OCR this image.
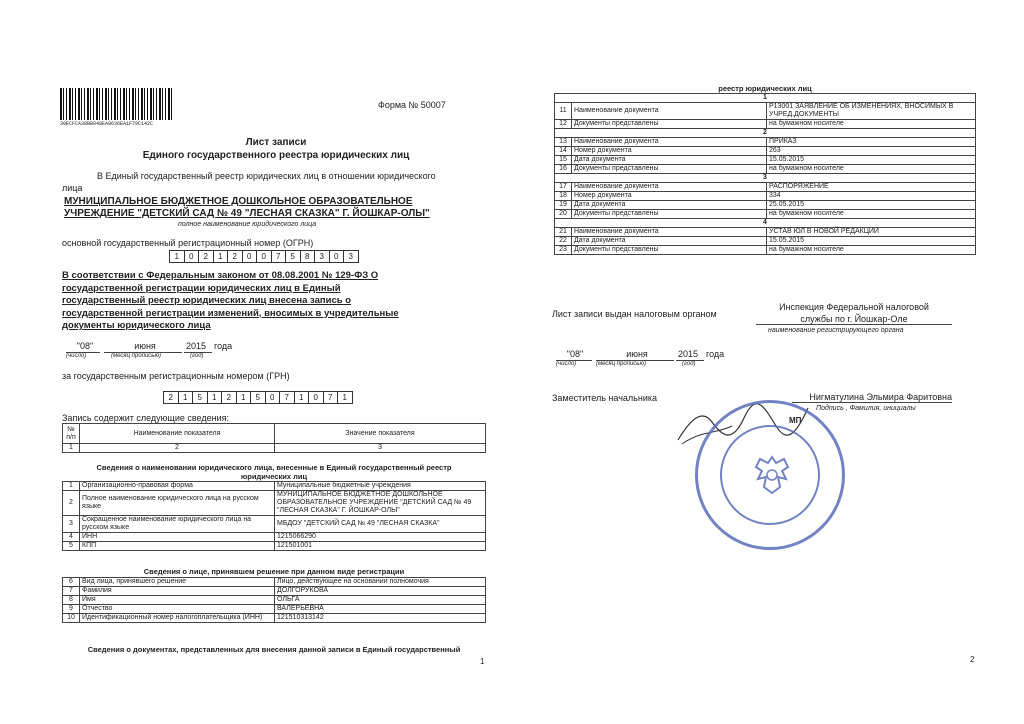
30ECFCA38BB048EA9636EA1F79C142C
Форма № 50007
Лист записи
Единого государственного реестра юридических лиц
В Единый государственный реестр юридических лиц в отношении юридического
лица
МУНИЦИПАЛЬНОЕ БЮДЖЕТНОЕ ДОШКОЛЬНОЕ ОБРАЗОВАТЕЛЬНОЕ
УЧРЕЖДЕНИЕ "ДЕТСКИЙ САД № 49 "ЛЕСНАЯ СКАЗКА" Г. ЙОШКАР-ОЛЫ"
полное наименование юридического лица
основной государственный регистрационный номер (ОГРН)
1	0	2	1	2	0	0	7	5	8	3	0	3
В соответствии с Федеральным законом от 08.08.2001 № 129-ФЗ О
государственной регистрации юридических лиц в Единый
государственный реестр юридических лиц внесена запись о
государственной регистрации изменений, вносимых в учредительные
документы юридического лица
"08"	июня	2015 года
(число)	(месяц прописью)	(год)
за государственным регистрационным номером (ГРН)
2	1	5	1	2	1	5	0	7	1	0	7	1
Запись содержит следующие сведения:
№ п/п	Наименование показателя	Значение показателя
1	2	3
Сведения о наименовании юридического лица, внесенные в Единый государственный реестр
юридических лиц
1	Организационно-правовая форма	Муниципальные бюджетные учреждения
2	Полное наименование юридического лица на русском языке	МУНИЦИПАЛЬНОЕ БЮДЖЕТНОЕ ДОШКОЛЬНОЕ ОБРАЗОВАТЕЛЬНОЕ УЧРЕЖДЕНИЕ "ДЕТСКИЙ САД № 49 "ЛЕСНАЯ СКАЗКА" Г. ЙОШКАР-ОЛЫ"
3	Сокращенное наименование юридического лица на русском языке	МБДОУ "ДЕТСКИЙ САД № 49 "ЛЕСНАЯ СКАЗКА"
4	ИНН	1215066290
5	КПП	121501001
Сведения о лице, принявшем решение при данном виде регистрации
6	Вид лица, принявшего решение	Лицо, действующее на основании полномочия
7	Фамилия	ДОЛГОРУКОВА
8	Имя	ОЛЬГА
9	Отчество	ВАЛЕРЬЕВНА
10	Идентификационный номер налогоплательщика (ИНН)	121510313142
Сведения о документах, представленных для внесения данной записи в Единый государственный
1
реестр юридических лиц
1		
11	Наименование документа	Р13001 ЗАЯВЛЕНИЕ ОБ ИЗМЕНЕНИЯХ, ВНОСИМЫХ В УЧРЕД.ДОКУМЕНТЫ
12	Документы представлены	на бумажном носителе
2		
13	Наименование документа	ПРИКАЗ
14	Номер документа	263
15	Дата документа	15.05.2015
16	Документы представлены	на бумажном носителе
3		
17	Наименование документа	РАСПОРЯЖЕНИЕ
18	Номер документа	334
19	Дата документа	25.05.2015
20	Документы представлены	на бумажном носителе
4		
21	Наименование документа	УСТАВ ЮЛ В НОВОЙ РЕДАКЦИИ
22	Дата документа	15.05.2015
23	Документы представлены	на бумажном носителе
Лист записи выдан налоговым органом
Инспекция Федеральной налоговой
службы по г. Йошкар-Оле
наименование регистрирующего органа
"08"	июня	2015 года
(число)	(месяц прописью)	(год)
Заместитель начальника	Нигматулина Эльмира Фаритовна
Подпись , Фамилия, инициалы
МП
2
